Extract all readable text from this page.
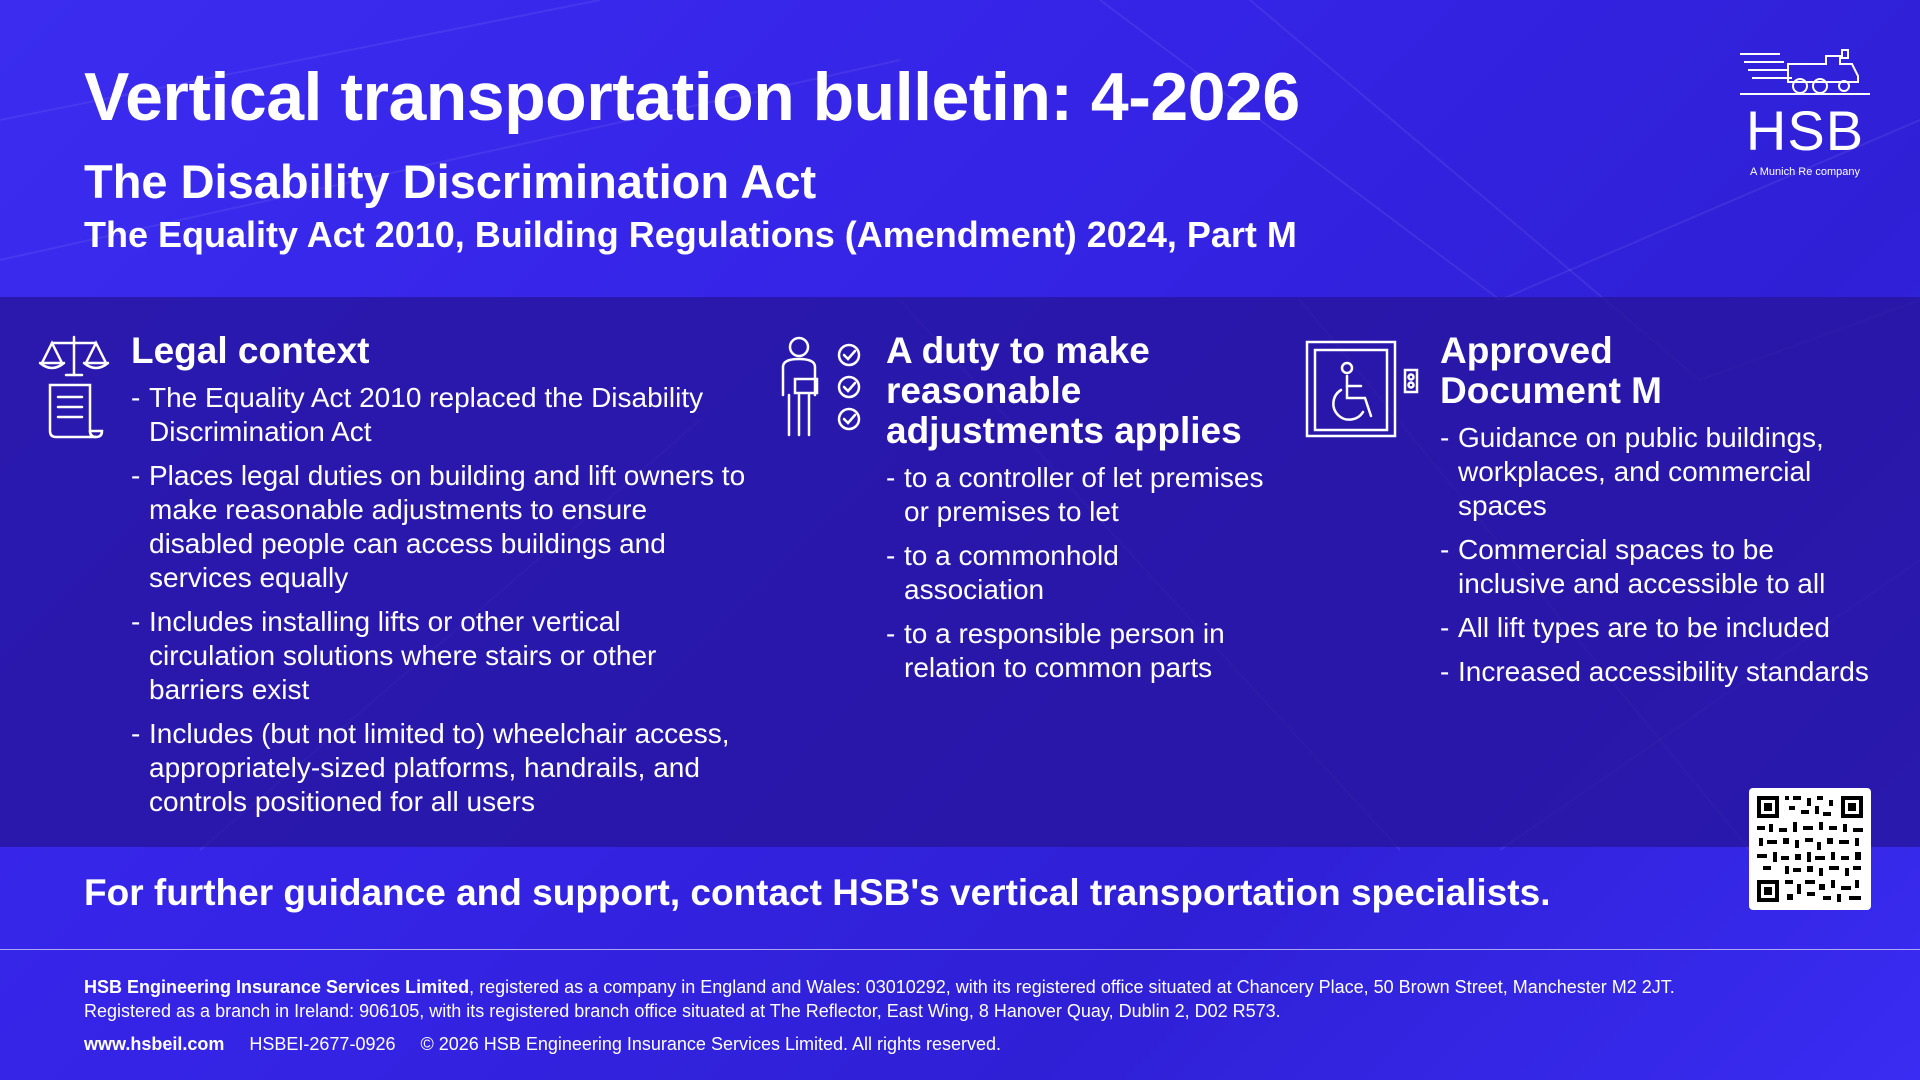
Vertical transportation bulletin: 4-2026
The Disability Discrimination Act
The Equality Act 2010, Building Regulations (Amendment) 2024, Part M
HSB
A Munich Re company
Legal context
- The Equality Act 2010 replaced the Disability Discrimination Act
- Places legal duties on building and lift owners to make reasonable adjustments to ensure disabled people can access buildings and services equally
- Includes installing lifts or other vertical circulation solutions where stairs or other barriers exist
- Includes (but not limited to) wheelchair access, appropriately-sized platforms, handrails, and controls positioned for all users
A duty to make reasonable adjustments applies
- to a controller of let premises or premises to let
- to a commonhold association
- to a responsible person in relation to common parts
Approved Document M
- Guidance on public buildings, workplaces, and commercial spaces
- Commercial spaces to be inclusive and accessible to all
- All lift types are to be included
- Increased accessibility standards

For further guidance and support, contact HSB's vertical transportation specialists.

HSB Engineering Insurance Services Limited, registered as a company in England and Wales: 03010292, with its registered office situated at Chancery Place, 50 Brown Street, Manchester M2 2JT.

Registered as a branch in Ireland: 906105, with its registered branch office situated at The Reflector, East Wing, 8 Hanover Quay, Dublin 2, D02 R573.

www.hsbeil.com HSBEI-2677-0926 © 2026 HSB Engineering Insurance Services Limited. All rights reserved.
